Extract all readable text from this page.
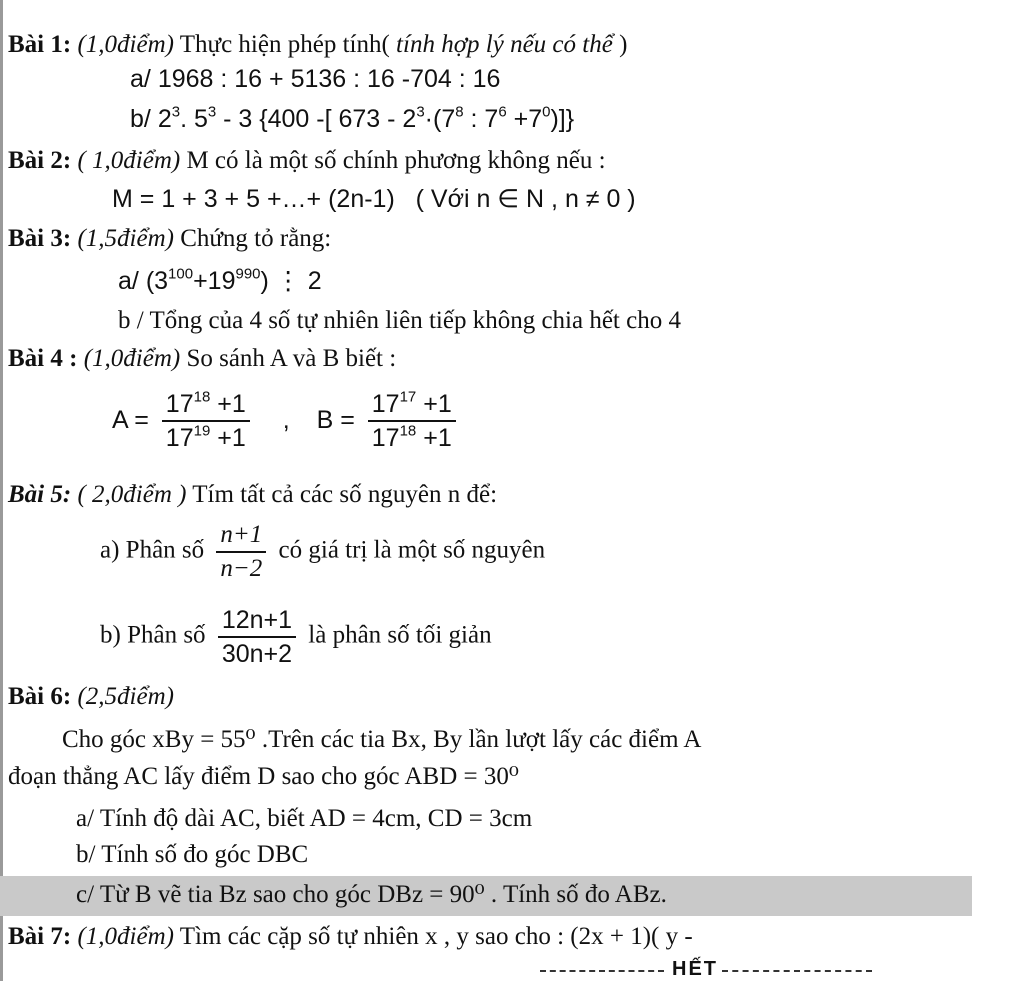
Bài 1: (1,0điểm) Thực hiện phép tính( tính hợp lý nếu có thể )
a/ 1968 : 16 + 5136 : 16 -704 : 16
b/ $2^3$. $5^3 - 3$ {400 -[ $673 - 2^3\cdot(7^8$ : $7^6 +7^0$)]}
Bài 2: ( 1,0điểm) M có là một số chính phương không nếu :
M = 1 + 3 + 5 +…+ (2n-1) ( Với n ∈ N , n ≠ 0 )
Bài 3: (1,5điểm) Chứng tỏ rằng:
a/ $(3^{100}+19^{990})$ ⋮ 2
b / Tổng của 4 số tự nhiên liên tiếp không chia hết cho 4
Bài 4 : (1,0điểm) So sánh A và B biết :
$A = \frac{17^{18} +1}{17^{19} +1}$ , $B = \frac{17^{17} +1}{17^{18} +1}$
Bài 5: ( 2,0điểm ) Tím tất cả các số nguyên n để:
a) Phân số $\frac{n+1}{n-2}$ có giá trị là một số nguyên
b) Phân số $\frac{12n+1}{30n+2}$ là phân số tối giản
Bài 6: (2,5điểm)
Cho góc xBy = 55⁰ .Trên các tia Bx, By lần lượt lấy các điểm A
đoạn thẳng AC lấy điểm D sao cho góc ABD = 30⁰
a/ Tính độ dài AC, biết AD = 4cm, CD = 3cm
b/ Tính số đo góc DBC
c/ Từ B vẽ tia Bz sao cho góc DBz = 90⁰ . Tính số đo ABz.
Bài 7: (1,0điểm) Tìm các cặp số tự nhiên x , y sao cho : (2x + 1)( y -
HẾT
